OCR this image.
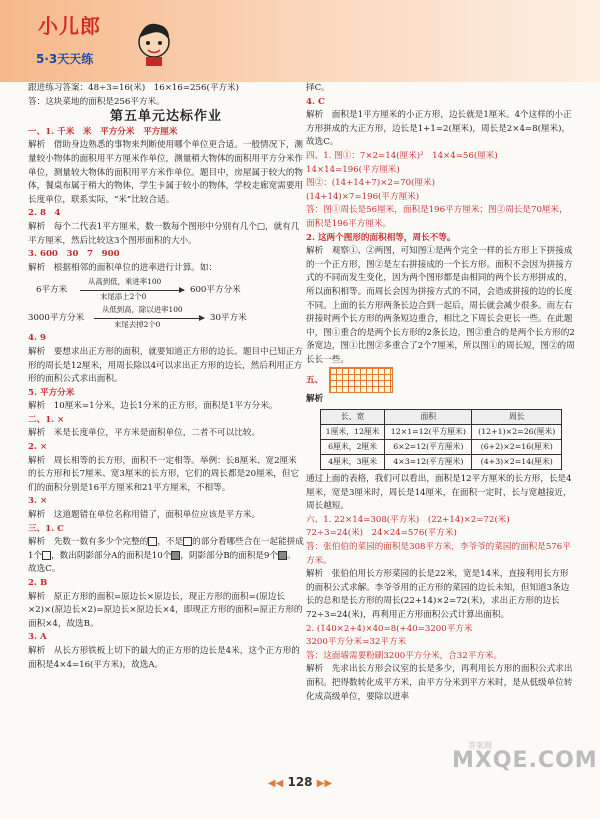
小儿郎
5·3天天练

跟进练习答案：48÷3=16(米)　16×16=256(平方米)

答：这块菜地的面积是256平方米。

第五单元达标作业

一、1. 千米　米　平方分米　平方厘米

解析　借助身边熟悉的事物来判断使用哪个单位更合适。一般情况下，测量较小物体的面积用平方厘米作单位，测量稍大物体的面积用平方分米作单位，测量较大物体的面积用平方米作单位。题目中，房屋属于较大的物体，餐桌布属于稍大的物体，学生卡属于较小的物体，学校走廊宽需要用长度单位，联系实际，“米”比较合适。

2. 8　4

解析　每个二代表1平方厘米，数一数每个图形中分别有几个□，就有几平方厘米，然后比较这3个图形面积的大小。

3. 600　30　7　900

解析　根据相邻的面积单位的进率进行计算。如：

6平方米
从高到低，乘进率100
末尾添上2个0
600平方分米
3000平方分米
从低到高，除以进率100
末尾去掉2个0
30平方米

4. 9

解析　要想求出正方形的面积，就要知道正方形的边长。题目中已知正方形的周长是12厘米，用周长除以4可以求出正方形的边长，然后利用正方形的面积公式求出面积。

5. 平方分米

解析　10厘米=1分米，边长1分米的正方形，面积是1平方分米。

二、1. ×

解析　米是长度单位，平方米是面积单位，二者不可以比较。

2. ×

解析　周长相等的长方形，面积不一定相等。举例：长8厘米、宽2厘米的长方形和长7厘米、宽3厘米的长方形，它们的周长都是20厘米，但它们的面积分别是16平方厘米和21平方厘米，不相等。

3. ×

解析　这道题错在单位名称用错了，面积单位应该是平方米。

三、1. C

解析　先数一数有多少个完整的 ，不是 的部分看哪些合在一起能拼成1个 ，数出阴影部分A的面积是10个 ，阴影部分B的面积是9个 。故选C。

2. B

解析　原正方形的面积=原边长×原边长，现正方形的面积=(原边长×2)×(原边长×2)=原边长×原边长×4，即现正方形的面积=原正方形的面积×4，故选B。

3. A

解析　从长方形铁板上切下的最大的正方形的边长是4米，这个正方形的面积是4×4=16(平方米)，故选A。

择C。

4. C

解析　面积是1平方厘米的小正方形，边长就是1厘米。4个这样的小正方形拼成的大正方形，边长是1+1=2(厘米)，周长是2×4=8(厘米)，故选C。

四、1. 图①：7×2=14(厘米)²　14×4=56(厘米)

14×14=196(平方厘米)

图②：(14+14+7)×2=70(厘米)

(14+14)×7=196(平方厘米)

答：图①周长是56厘米，面积是196平方厘米；图②周长是70厘米，面积是196平方厘米。

2. 这两个图形的面积相等，周长不等。

解析　观察①、②两图，可知图①是两个完全一样的长方形上下拼接成的一个正方形，图②是左右拼接成的一个长方形。面积不会因为拼接方式的不同而发生变化，因为两个图形都是由相同的两个长方形拼成的，所以面积相等。而周长会因为拼接方式的不同，会造成拼接的边的长度不同。上面的长方形两条长边合到一起后，周长就会减少很多。而左右拼接时两个长方形的两条短边重合，相比之下周长会更长一些。在此题中，图①重合的是两个长方形的2条长边，图②重合的是两个长方形的2条宽边，图①比图②多重合了2个7厘米，所以图①的周长短，图②的周长长一些。

五、

解析

长、宽	面积	周长
1厘米，12厘米	12×1=12(平方厘米)	(12+1)×2=26(厘米)
6厘米，2厘米	6×2=12(平方厘米)	(6+2)×2=16(厘米)
4厘米，3厘米	4×3=12(平方厘米)	(4+3)×2=14(厘米)

通过上面的表格，我们可以看出，面积是12平方厘米的长方形，长是4厘米，宽是3厘米时，周长是14厘米，在面积一定时，长与宽越接近，周长越短。

六、1. 22×14=308(平方米)　(22+14)×2=72(米)

72÷3=24(米)　24×24=576(平方米)

答：张伯伯的菜园的面积是308平方米，李爷爷的菜园的面积是576平方米。

解析　张伯伯用长方形菜园的长是22米，宽是14米，直接利用长方形的面积公式求解。李爷爷用的正方形的菜园的边长未知，但知道3条边长的总和是长方形的周长(22+14)×2=72(米)，求出正方形的边长72÷3=24(米)，再利用正方形面积公式计算出面积。

2. (140×2+4)×40=8(+40=3200平方米

3200平方分米=32平方米

答：这面墙需要粉刷3200平方分米，合32平方米。

解析　先求出长方形会议室的长是多少，再利用长方形的面积公式求出面积。把得数转化成平方米，由平方分米到平方米时，是从低级单位转化成高级单位，要除以进率

答案圈
MXQE.COM
◀◀ 128 ▶▶
